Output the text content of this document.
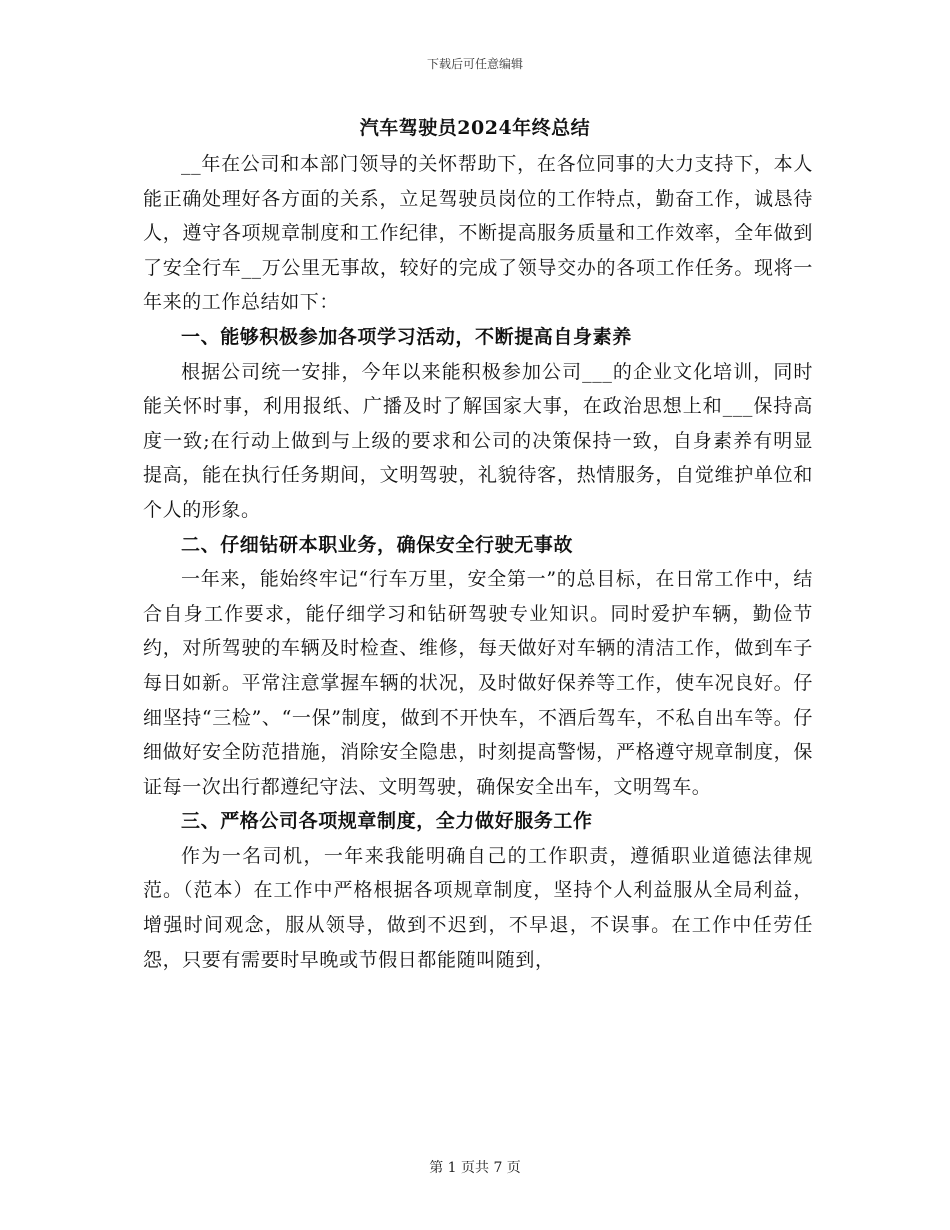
下载后可任意编辑
汽车驾驶员2024年终总结

__年在公司和本部门领导的关怀帮助下，在各位同事的大力支持下，本人能正确处理好各方面的关系，立足驾驶员岗位的工作特点，勤奋工作，诚恳待人，遵守各项规章制度和工作纪律，不断提高服务质量和工作效率，全年做到了安全行车__万公里无事故，较好的完成了领导交办的各项工作任务。现将一年来的工作总结如下：

一、能够积极参加各项学习活动，不断提高自身素养

根据公司统一安排，今年以来能积极参加公司___的企业文化培训，同时能关怀时事，利用报纸、广播及时了解国家大事，在政治思想上和___保持高度一致;在行动上做到与上级的要求和公司的决策保持一致，自身素养有明显提高，能在执行任务期间，文明驾驶，礼貌待客，热情服务，自觉维护单位和个人的形象。

二、仔细钻研本职业务，确保安全行驶无事故

一年来，能始终牢记“行车万里，安全第一”的总目标，在日常工作中，结合自身工作要求，能仔细学习和钻研驾驶专业知识。同时爱护车辆，勤俭节约，对所驾驶的车辆及时检查、维修，每天做好对车辆的清洁工作，做到车子每日如新。平常注意掌握车辆的状况，及时做好保养等工作，使车况良好。仔细坚持“三检”、“一保”制度，做到不开快车，不酒后驾车，不私自出车等。仔细做好安全防范措施，消除安全隐患，时刻提高警惕，严格遵守规章制度，保证每一次出行都遵纪守法、文明驾驶，确保安全出车，文明驾车。

三、严格公司各项规章制度，全力做好服务工作

作为一名司机，一年来我能明确自己的工作职责，遵循职业道德法律规范。（范本）在工作中严格根据各项规章制度，坚持个人利益服从全局利益，增强时间观念，服从领导，做到不迟到，不早退，不误事。在工作中任劳任怨，只要有需要时早晚或节假日都能随叫随到，

第 1 页共 7 页
